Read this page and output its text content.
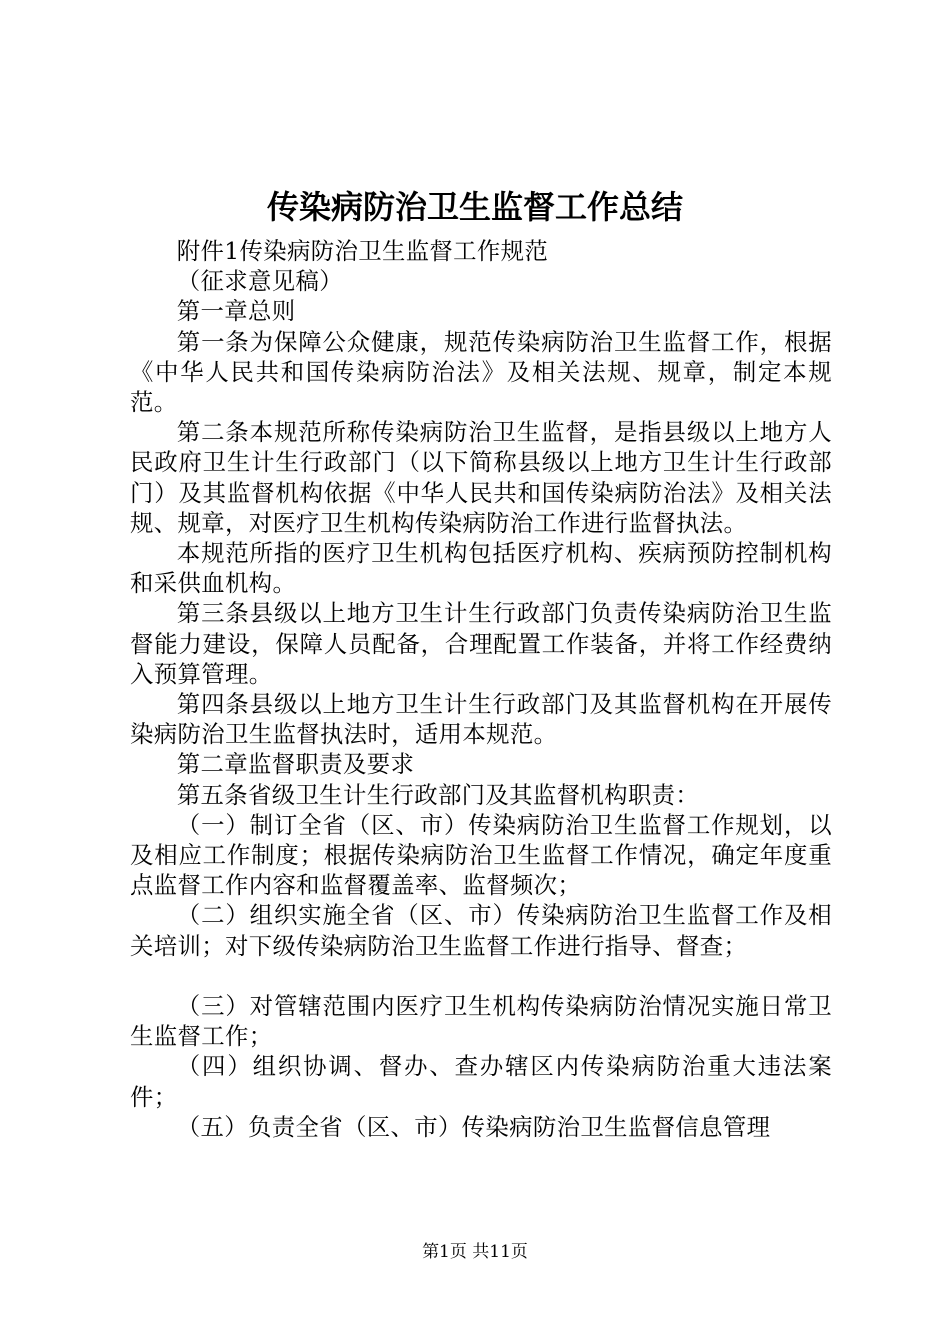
传染病防治卫生监督工作总结

附件1传染病防治卫生监督工作规范

（征求意见稿）

第一章总则

第一条为保障公众健康，规范传染病防治卫生监督工作，根据《中华人民共和国传染病防治法》及相关法规、规章，制定本规范。

第二条本规范所称传染病防治卫生监督，是指县级以上地方人民政府卫生计生行政部门（以下简称县级以上地方卫生计生行政部门）及其监督机构依据《中华人民共和国传染病防治法》及相关法规、规章，对医疗卫生机构传染病防治工作进行监督执法。

本规范所指的医疗卫生机构包括医疗机构、疾病预防控制机构和采供血机构。

第三条县级以上地方卫生计生行政部门负责传染病防治卫生监督能力建设，保障人员配备，合理配置工作装备，并将工作经费纳入预算管理。

第四条县级以上地方卫生计生行政部门及其监督机构在开展传染病防治卫生监督执法时，适用本规范。

第二章监督职责及要求

第五条省级卫生计生行政部门及其监督机构职责：

（一）制订全省（区、市）传染病防治卫生监督工作规划，以及相应工作制度；根据传染病防治卫生监督工作情况，确定年度重点监督工作内容和监督覆盖率、监督频次；

（二）组织实施全省（区、市）传染病防治卫生监督工作及相关培训；对下级传染病防治卫生监督工作进行指导、督查；

（三）对管辖范围内医疗卫生机构传染病防治情况实施日常卫生监督工作；

（四）组织协调、督办、查办辖区内传染病防治重大违法案件；

（五）负责全省（区、市）传染病防治卫生监督信息管理

第1页 共11页
